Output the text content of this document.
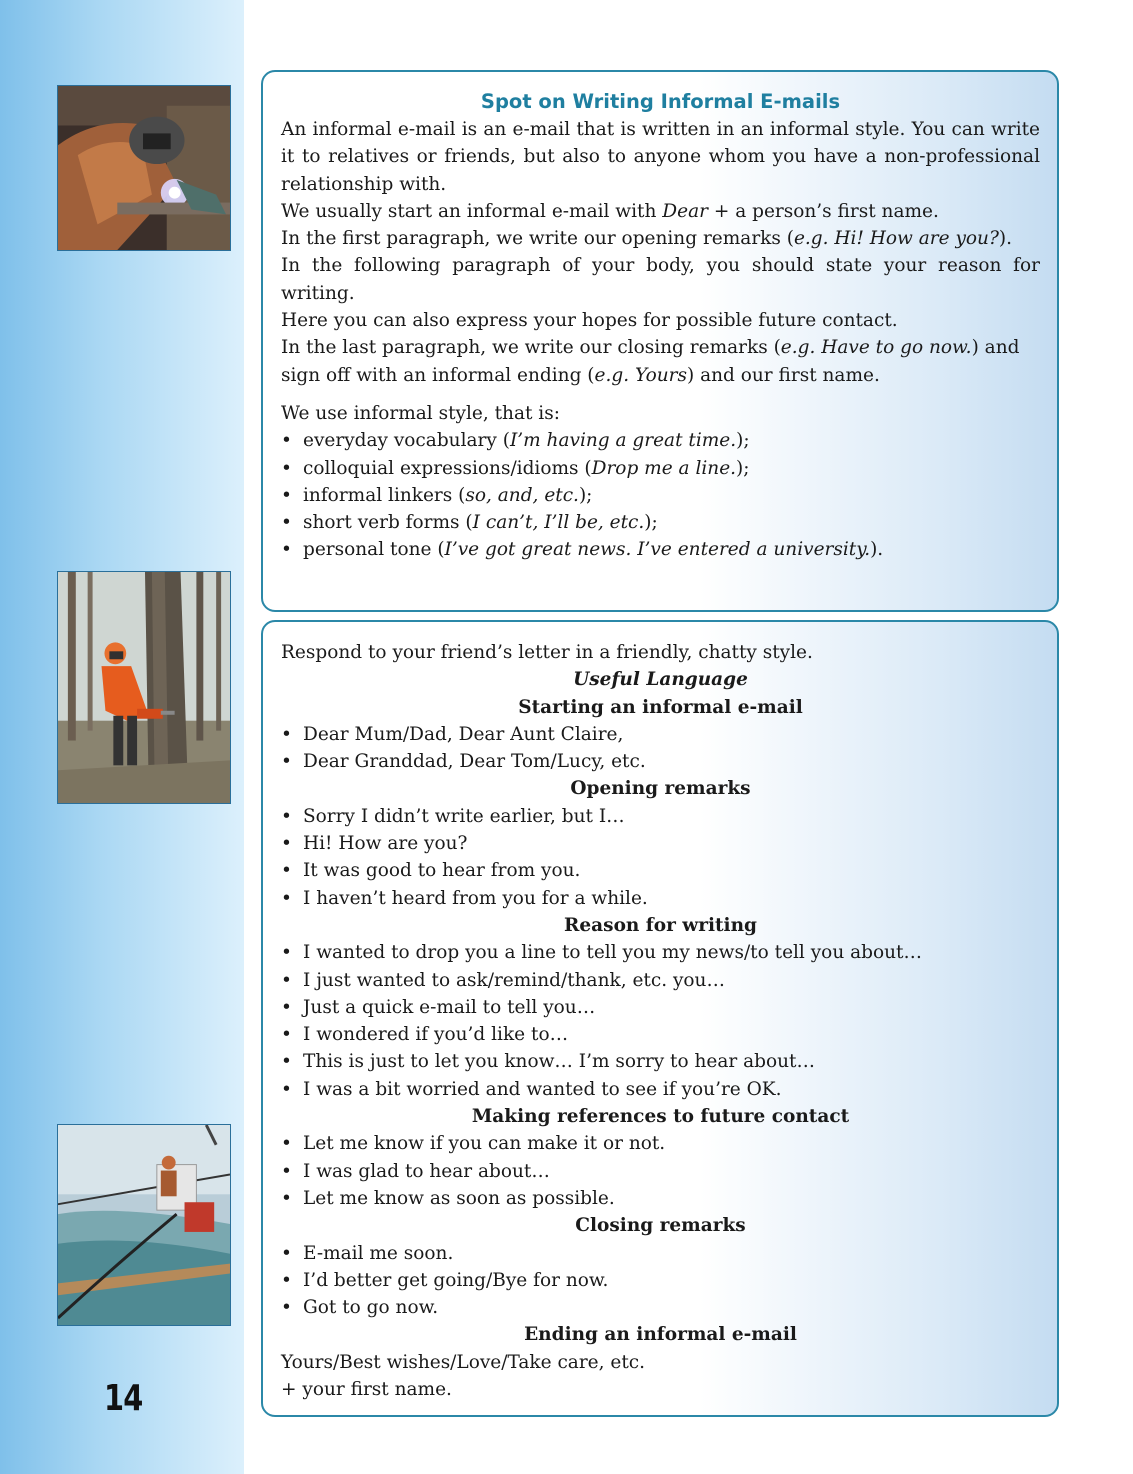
14
Spot on Writing Informal E-mails

An informal e-mail is an e-mail that is written in an informal style. You can write it to relatives or friends, but also to anyone whom you have a non-professional relationship with.

We usually start an informal e-mail with Dear + a person’s first name.

In the first paragraph, we write our opening remarks (e.g. Hi! How are you?).

In the following paragraph of your body, you should state your reason for writing.

Here you can also express your hopes for possible future contact.

In the last paragraph, we write our closing remarks (e.g. Have to go now.) and sign off with an informal ending (e.g. Yours) and our first name.

We use informal style, that is:

• everyday vocabulary (I’m having a great time.);
• colloquial expressions/idioms (Drop me a line.);
• informal linkers (so, and, etc.);
• short verb forms (I can’t, I’ll be, etc.);
• personal tone (I’ve got great news. I’ve entered a university.).

Respond to your friend’s letter in a friendly, chatty style.

Useful Language

Starting an informal e-mail

• Dear Mum/Dad, Dear Aunt Claire,
• Dear Granddad, Dear Tom/Lucy, etc.

Opening remarks

• Sorry I didn’t write earlier, but I…
• Hi! How are you?
• It was good to hear from you.
• I haven’t heard from you for a while.

Reason for writing

• I wanted to drop you a line to tell you my news/to tell you about…
• I just wanted to ask/remind/thank, etc. you…
• Just a quick e-mail to tell you…
• I wondered if you’d like to…
• This is just to let you know… I’m sorry to hear about…
• I was a bit worried and wanted to see if you’re OK.

Making references to future contact

• Let me know if you can make it or not.
• I was glad to hear about…
• Let me know as soon as possible.

Closing remarks

• E-mail me soon.
• I’d better get going/Bye for now.
• Got to go now.

Ending an informal e-mail

Yours/Best wishes/Love/Take care, etc.

+ your first name.
